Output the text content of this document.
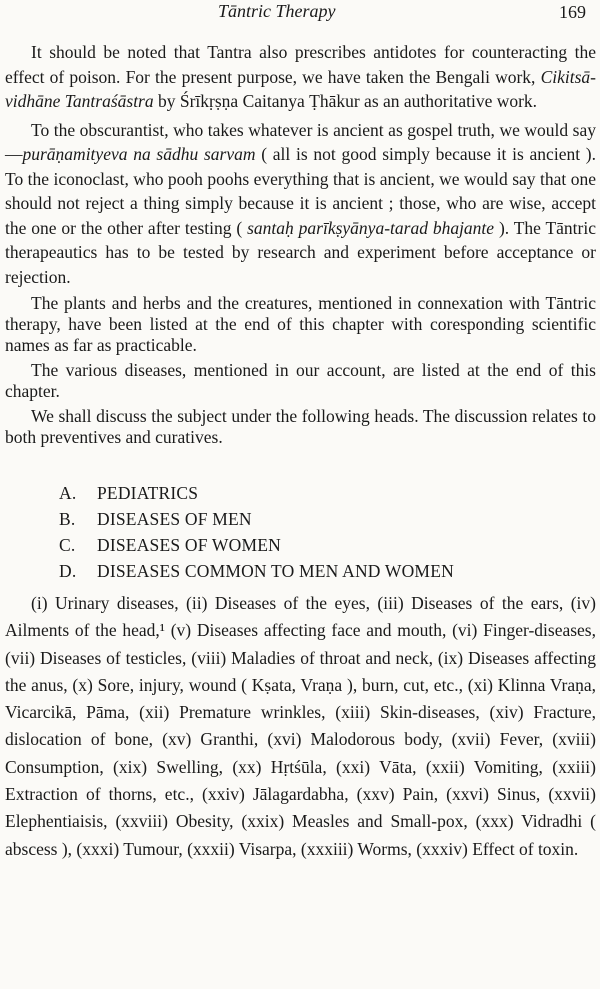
Tāntric Therapy	169

It should be noted that Tantra also prescribes antidotes for counteracting the effect of poison. For the present purpose, we have taken the Bengali work, Cikitsā-vidhāne Tantraśāstra by Śrīkṛṣṇa Caitanya Ṭhākur as an authoritative work.

To the obscurantist, who takes whatever is ancient as gospel truth, we would say—purāṇamityeva na sādhu sarvam ( all is not good simply because it is ancient ). To the iconoclast, who pooh poohs everything that is ancient, we would say that one should not reject a thing simply because it is ancient ; those, who are wise, accept the one or the other after testing ( santaḥ parīkṣyānya-tarad bhajante ). The Tāntric therapeautics has to be tested by research and experiment before acceptance or rejection.

The plants and herbs and the creatures, mentioned in connexation with Tāntric therapy, have been listed at the end of this chapter with coresponding scientific names as far as practicable.

The various diseases, mentioned in our account, are listed at the end of this chapter.

We shall discuss the subject under the following heads. The discussion relates to both preventives and curatives.

A. PEDIATRICS
B. DISEASES OF MEN
C. DISEASES OF WOMEN
D. DISEASES COMMON TO MEN AND WOMEN

(i) Urinary diseases, (ii) Diseases of the eyes, (iii) Diseases of the ears, (iv) Ailments of the head,¹ (v) Diseases affecting face and mouth, (vi) Finger-diseases, (vii) Diseases of testicles, (viii) Maladies of throat and neck, (ix) Diseases affecting the anus, (x) Sore, injury, wound ( Kṣata, Vraṇa ), burn, cut, etc., (xi) Klinna Vraṇa, Vicarcikā, Pāma, (xii) Premature wrinkles, (xiii) Skin-diseases, (xiv) Fracture, dislocation of bone, (xv) Granthi, (xvi) Malodorous body, (xvii) Fever, (xviii) Consumption, (xix) Swelling, (xx) Hṛtśūla, (xxi) Vāta, (xxii) Vomiting, (xxiii) Extraction of thorns, etc., (xxiv) Jālagardabha, (xxv) Pain, (xxvi) Sinus, (xxvii) Elephentiaisis, (xxviii) Obesity, (xxix) Measles and Small-pox, (xxx) Vidradhi ( abscess ), (xxxi) Tumour, (xxxii) Visarpa, (xxxiii) Worms, (xxxiv) Effect of toxin.
